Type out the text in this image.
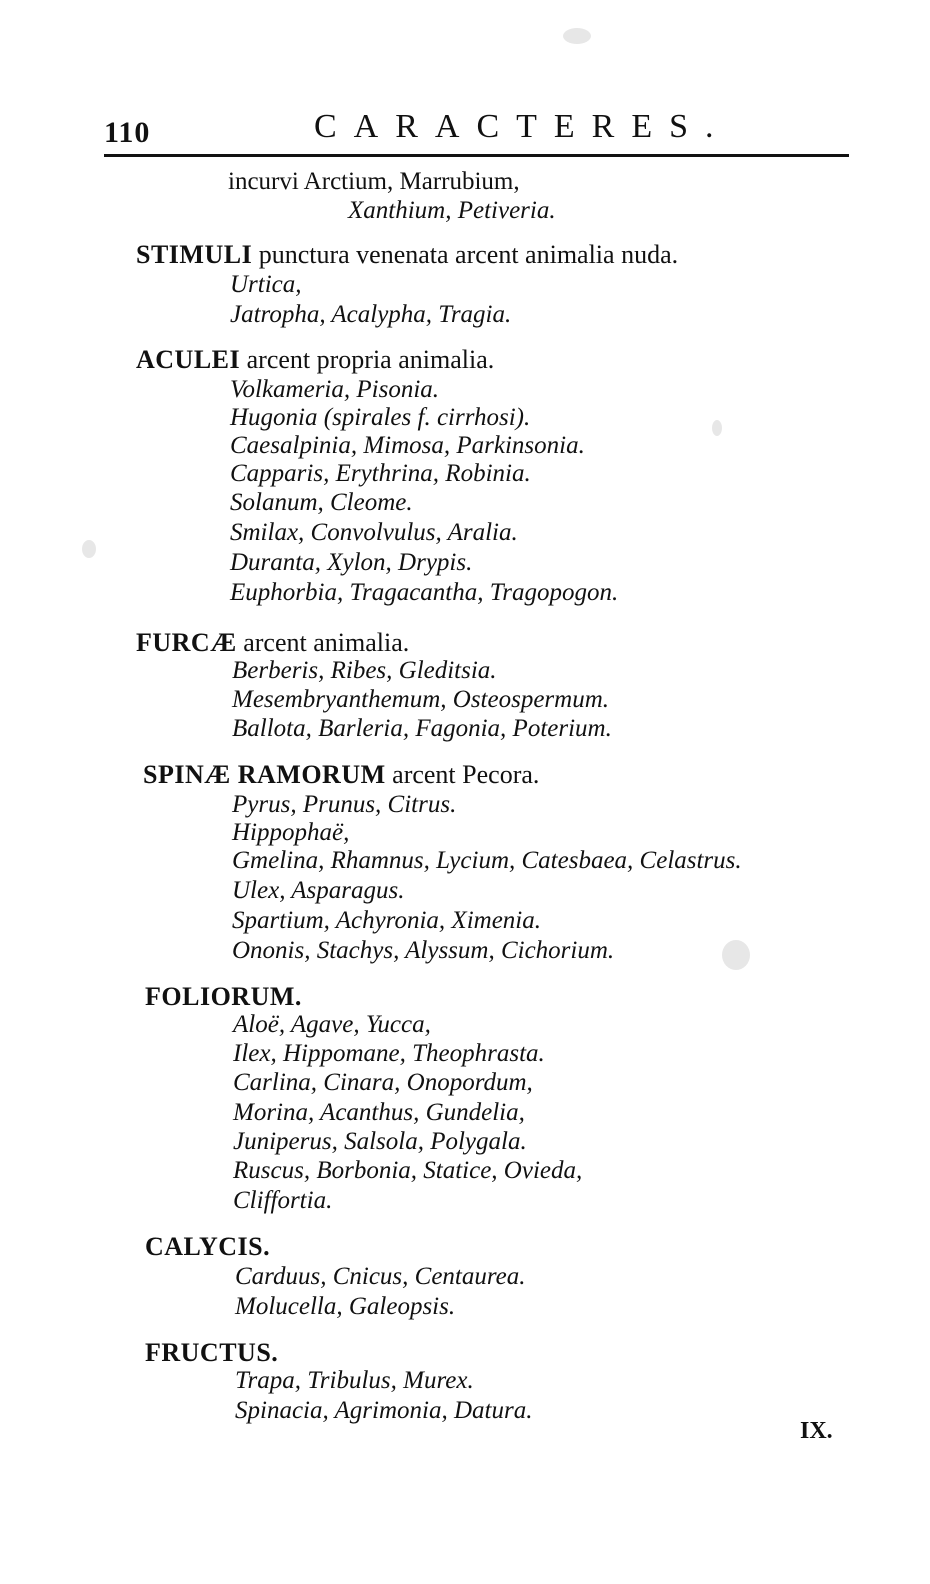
110	CARACTERES.
incurvi Arctium, Marrubium,
Xanthium, Petiveria.
STIMULI punctura venenata arcent animalia nuda.
Urtica,
Jatropha, Acalypha, Tragia.
ACULEI arcent propria animalia.
Volkameria, Pisonia.
Hugonia (spirales f. cirrhosi).
Caesalpinia, Mimosa, Parkinsonia.
Capparis, Erythrina, Robinia.
Solanum, Cleome.
Smilax, Convolvulus, Aralia.
Duranta, Xylon, Drypis.
Euphorbia, Tragacantha, Tragopogon.
FURCÆ arcent animalia.
Berberis, Ribes, Gleditsia.
Mesembryanthemum, Osteospermum.
Ballota, Barleria, Fagonia, Poterium.
SPINÆ RAMORUM arcent Pecora.
Pyrus, Prunus, Citrus.
Hippophaë,
Gmelina, Rhamnus, Lycium, Catesbaea, Celastrus.
Ulex, Asparagus.
Spartium, Achyronia, Ximenia.
Ononis, Stachys, Alyssum, Cichorium.
FOLIORUM.
Aloë, Agave, Yucca,
Ilex, Hippomane, Theophrasta.
Carlina, Cinara, Onopordum,
Morina, Acanthus, Gundelia,
Juniperus, Salsola, Polygala.
Ruscus, Borbonia, Statice, Ovieda,
Cliffortia.
CALYCIS.
Carduus, Cnicus, Centaurea.
Molucella, Galeopsis.
FRUCTUS.
Trapa, Tribulus, Murex.
Spinacia, Agrimonia, Datura.
IX.
